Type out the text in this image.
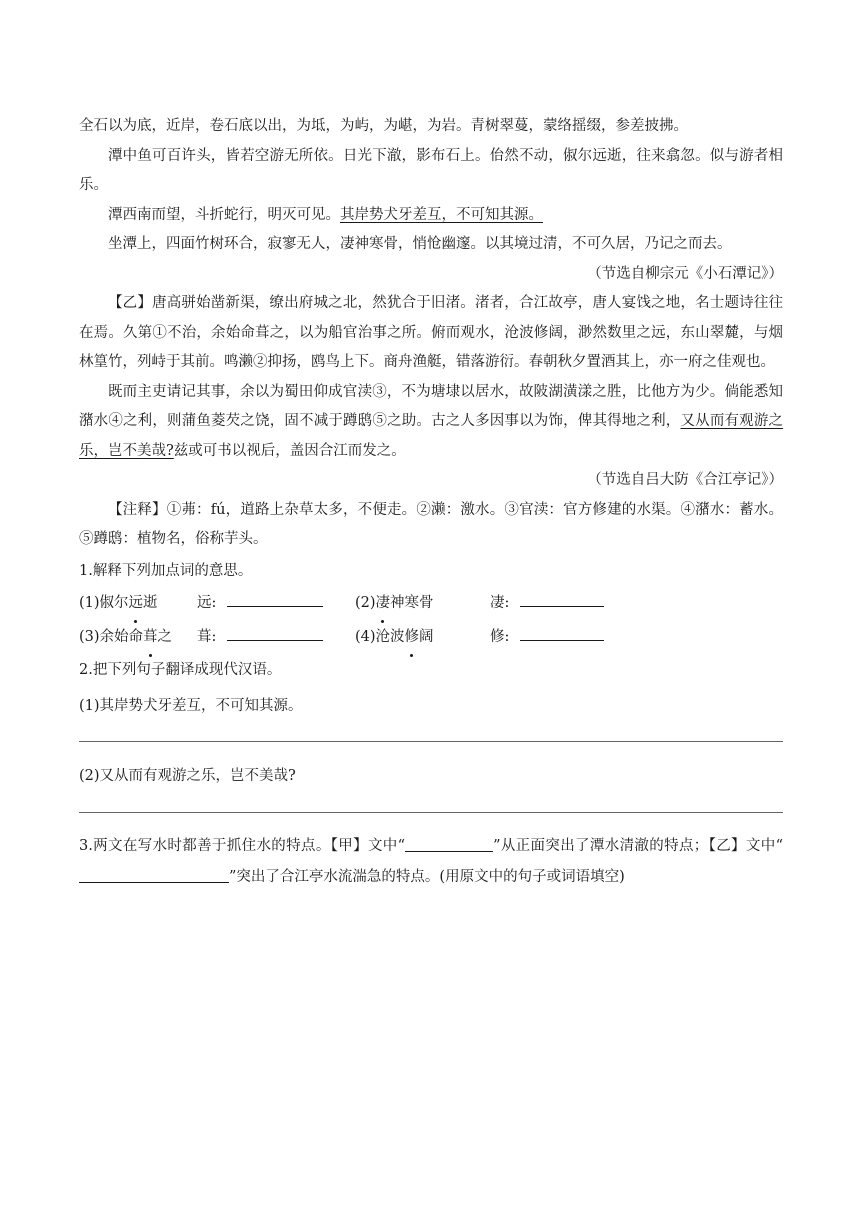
全石以为底，近岸，卷石底以出，为坻，为屿，为嵁，为岩。青树翠蔓，蒙络摇缀，参差披拂。

潭中鱼可百许头，皆若空游无所依。日光下澈，影布石上。佁然不动，俶尔远逝，往来翕忽。似与游者相乐。

潭西南而望，斗折蛇行，明灭可见。其岸势犬牙差互，不可知其源。

坐潭上，四面竹树环合，寂寥无人，凄神寒骨，悄怆幽邃。以其境过清，不可久居，乃记之而去。

（节选自柳宗元《小石潭记》）

【乙】唐高骈始凿新渠，缭出府城之北，然犹合于旧渚。渚者，合江故亭，唐人宴饯之地，名士题诗往往在焉。久第①不治，余始命葺之，以为船官治事之所。俯而观水，沧波修阔，渺然数里之远，东山翠麓，与烟林篁竹，列峙于其前。鸣濑②抑扬，鸥鸟上下。商舟渔艇，错落游衍。春朝秋夕置酒其上，亦一府之佳观也。

既而主吏请记其事，余以为蜀田仰成官渎③，不为塘埭以居水，故陂湖潢漾之胜，比他方为少。倘能悉知潴水④之利，则蒲鱼菱芡之饶，固不减于蹲鸱⑤之助。古之人多因事以为饰，俾其得地之利，又从而有观游之乐，岂不美哉?兹或可书以视后，盖因合江而发之。

（节选自吕大防《合江亭记》）

【注释】①茀：fú，道路上杂草太多，不便走。②濑：激水。③官渎：官方修建的水渠。④潴水：蓄水。⑤蹲鸱：植物名，俗称芋头。

1.解释下列加点词的意思。

(1)俶尔远逝	远:	(2)凄神寒骨	凄:
(3)余始命葺之	葺:	(4)沧波修阔	修:

2.把下列句子翻译成现代汉语。

(1)其岸势犬牙差互，不可知其源。

(2)又从而有观游之乐，岂不美哉?

3.两文在写水时都善于抓住水的特点。【甲】文中“	”从正面突出了潭水清澈的特点；【乙】文中“”突出了合江亭水流湍急的特点。(用原文中的句子或词语填空)
